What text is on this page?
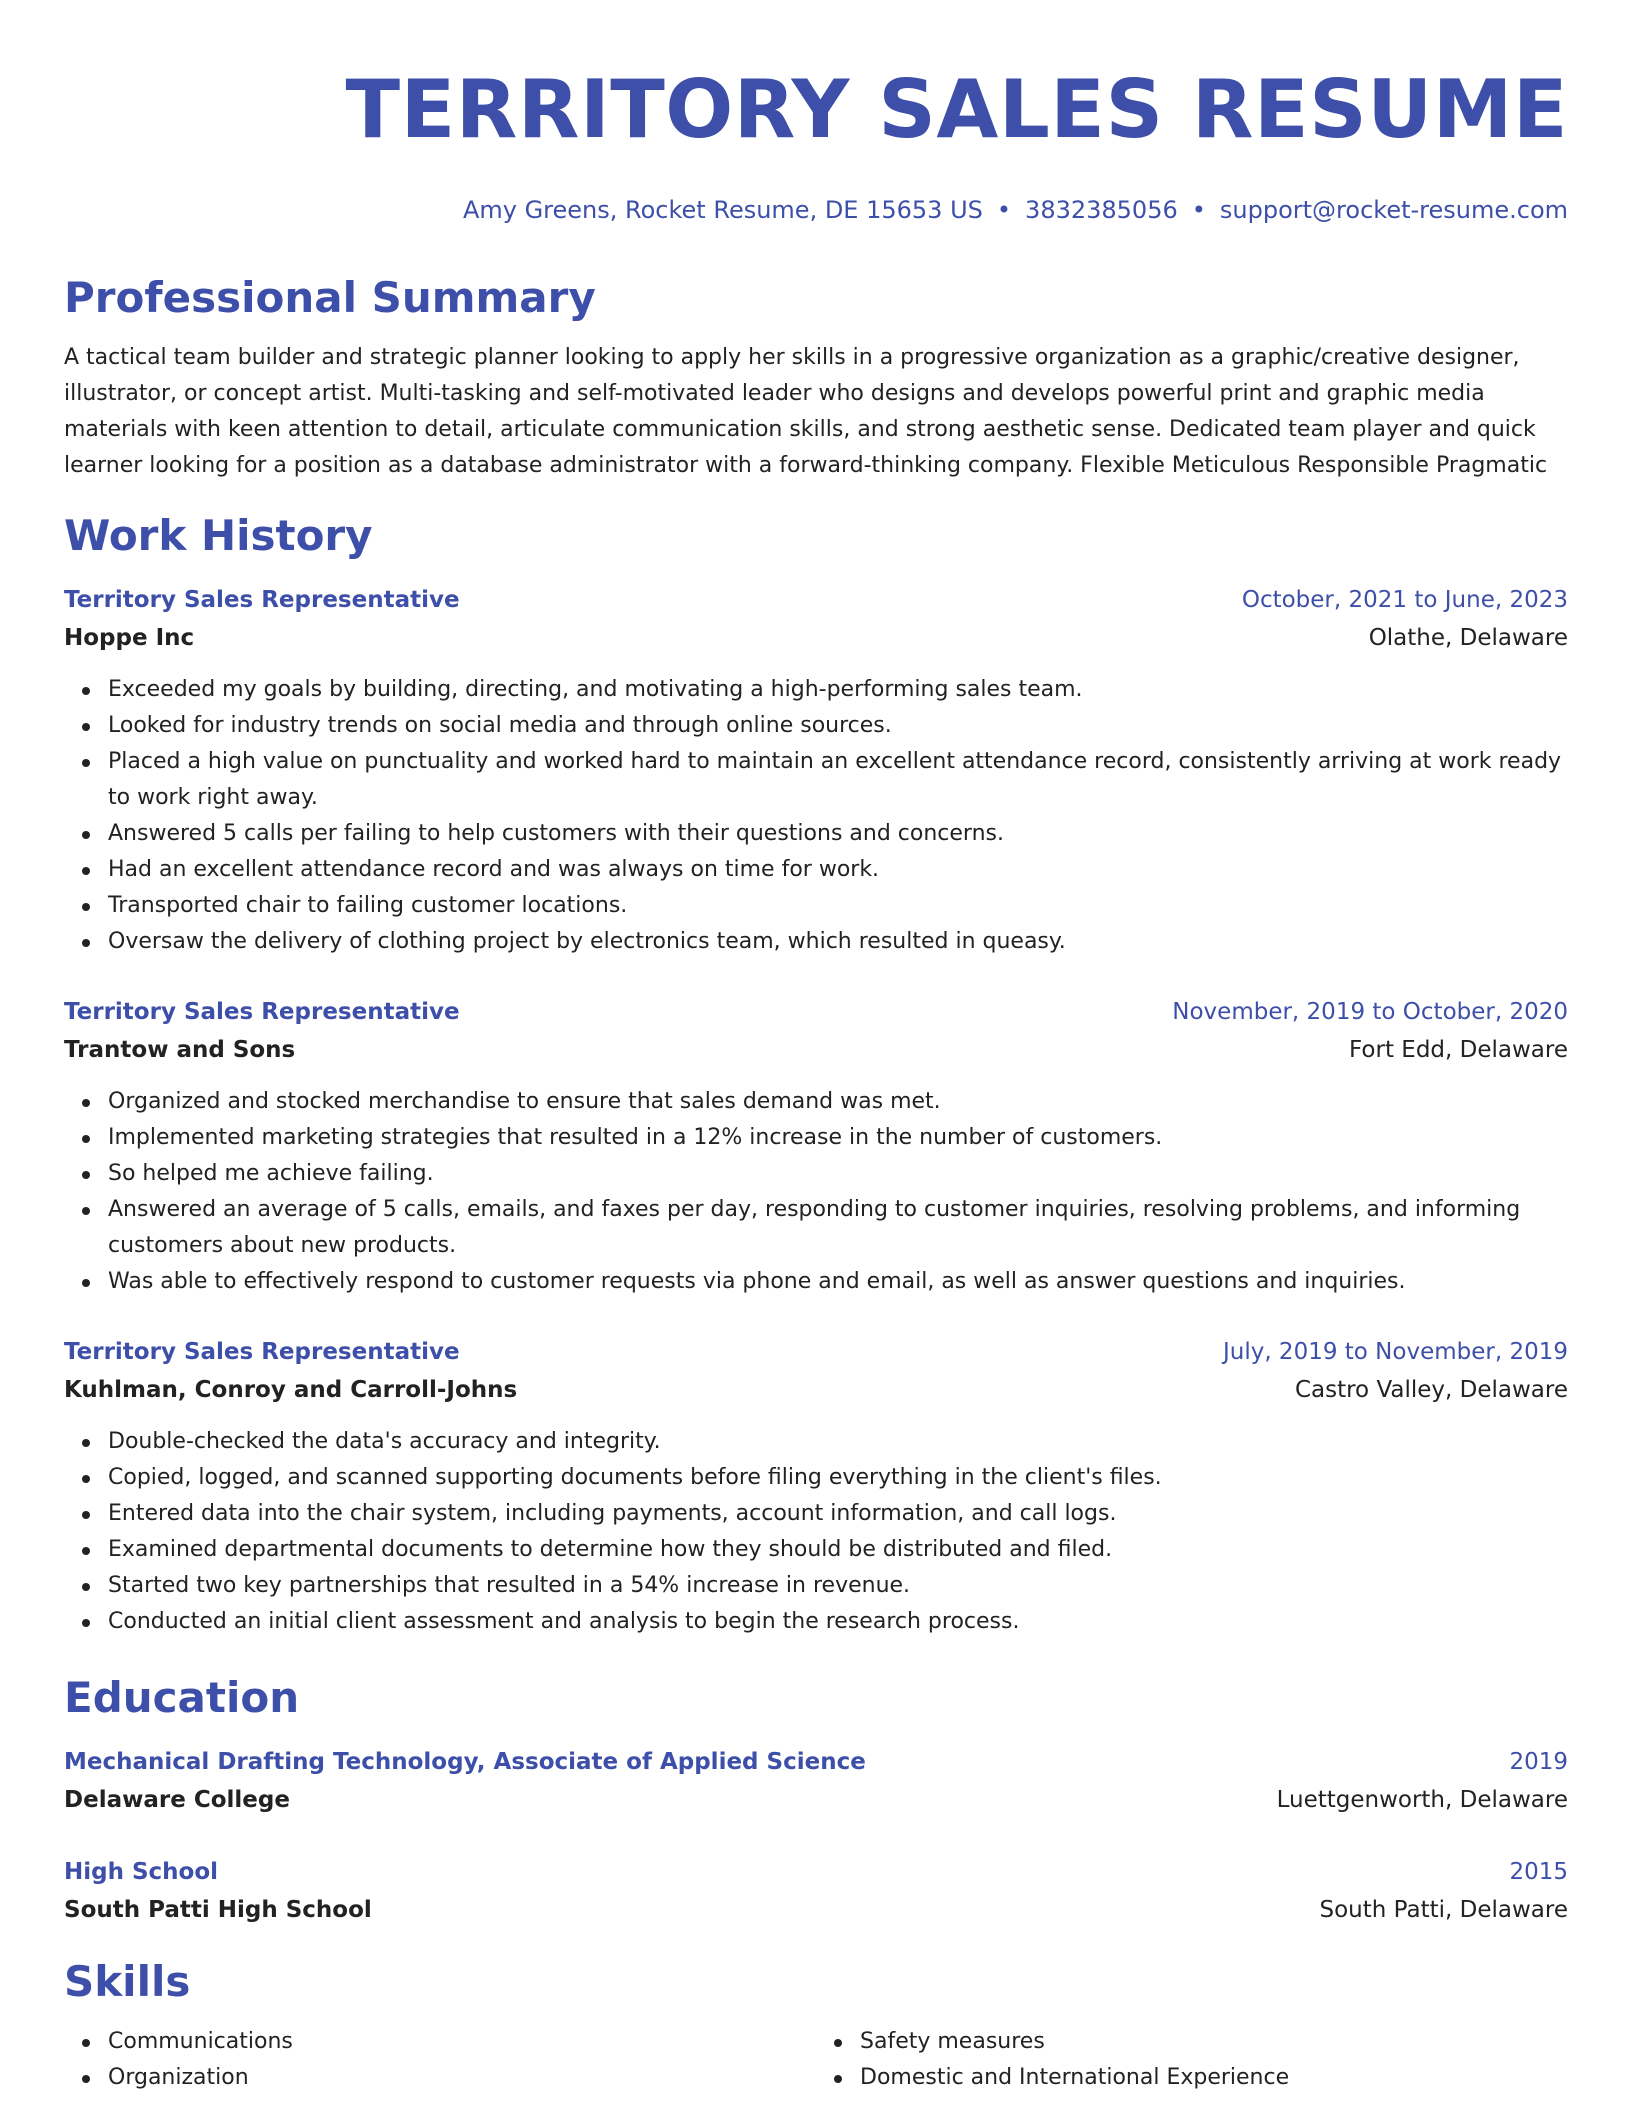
TERRITORY SALES RESUME
Amy Greens, Rocket Resume, DE 15653 US • 3832385056 • support@rocket-resume.com
Professional Summary
A tactical team builder and strategic planner looking to apply her skills in a progressive organization as a graphic/creative designer, illustrator, or concept artist. Multi-tasking and self-motivated leader who designs and develops powerful print and graphic media materials with keen attention to detail, articulate communication skills, and strong aesthetic sense. Dedicated team player and quick learner looking for a position as a database administrator with a forward-thinking company. Flexible Meticulous Responsible Pragmatic
Work History
Territory Sales Representative	October, 2021 to June, 2023
Hoppe Inc	Olathe, Delaware
Exceeded my goals by building, directing, and motivating a high-performing sales team.
Looked for industry trends on social media and through online sources.
Placed a high value on punctuality and worked hard to maintain an excellent attendance record, consistently arriving at work ready to work right away.
Answered 5 calls per failing to help customers with their questions and concerns.
Had an excellent attendance record and was always on time for work.
Transported chair to failing customer locations.
Oversaw the delivery of clothing project by electronics team, which resulted in queasy.
Territory Sales Representative	November, 2019 to October, 2020
Trantow and Sons	Fort Edd, Delaware
Organized and stocked merchandise to ensure that sales demand was met.
Implemented marketing strategies that resulted in a 12% increase in the number of customers.
So helped me achieve failing.
Answered an average of 5 calls, emails, and faxes per day, responding to customer inquiries, resolving problems, and informing customers about new products.
Was able to effectively respond to customer requests via phone and email, as well as answer questions and inquiries.
Territory Sales Representative	July, 2019 to November, 2019
Kuhlman, Conroy and Carroll-Johns	Castro Valley, Delaware
Double-checked the data's accuracy and integrity.
Copied, logged, and scanned supporting documents before filing everything in the client's files.
Entered data into the chair system, including payments, account information, and call logs.
Examined departmental documents to determine how they should be distributed and filed.
Started two key partnerships that resulted in a 54% increase in revenue.
Conducted an initial client assessment and analysis to begin the research process.
Education
Mechanical Drafting Technology, Associate of Applied Science	2019
Delaware College	Luettgenworth, Delaware
High School	2015
South Patti High School	South Patti, Delaware
Skills
Communications
Organization
Safety measures
Domestic and International Experience
